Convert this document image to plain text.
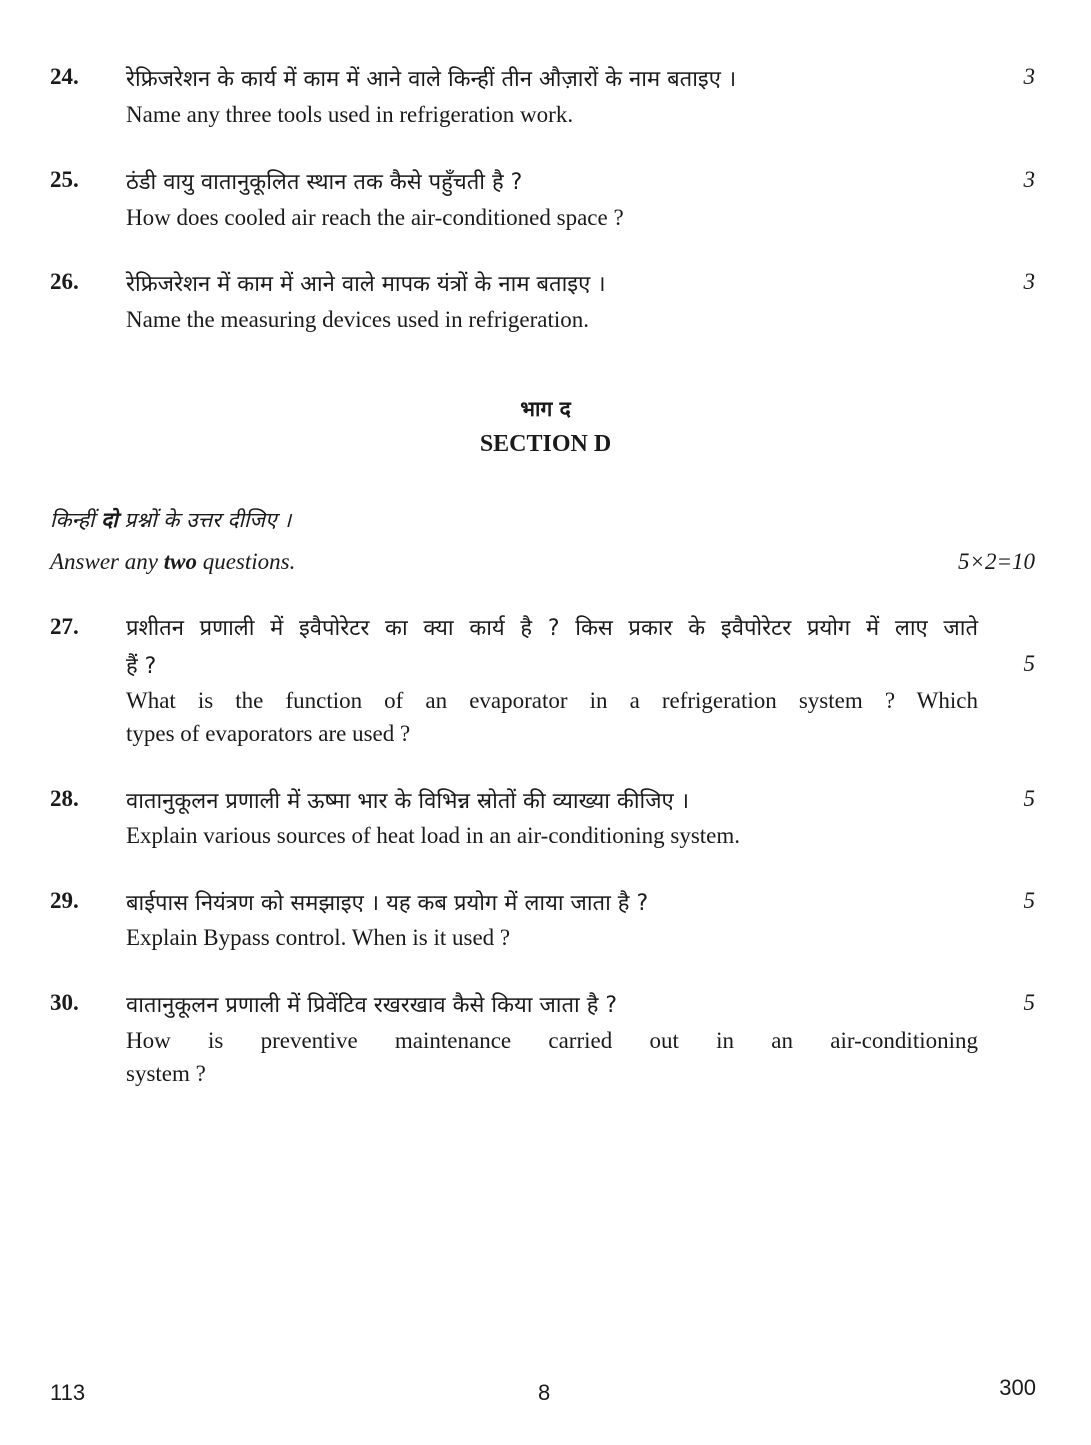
24. रेफ्रिजरेशन के कार्य में काम में आने वाले किन्हीं तीन औज़ारों के नाम बताइए ।	3
Name any three tools used in refrigeration work.
25. ठंडी वायु वातानुकूलित स्थान तक कैसे पहुँचती है ?	3
How does cooled air reach the air-conditioned space ?
26. रेफ्रिजरेशन में काम में आने वाले मापक यंत्रों के नाम बताइए ।	3
Name the measuring devices used in refrigeration.
भाग द
SECTION D
किन्हीं दो प्रश्नों के उत्तर दीजिए ।
Answer any two questions.	5×2=10
27. प्रशीतन प्रणाली में इवैपोरेटर का क्या कार्य है ? किस प्रकार के इवैपोरेटर प्रयोग में लाए जाते
हैं ?	5
What is the function of an evaporator in a refrigeration system ? Which
types of evaporators are used ?
28. वातानुकूलन प्रणाली में ऊष्मा भार के विभिन्न स्रोतों की व्याख्या कीजिए ।	5
Explain various sources of heat load in an air-conditioning system.
29. बाईपास नियंत्रण को समझाइए । यह कब प्रयोग में लाया जाता है ?	5
Explain Bypass control. When is it used ?
30. वातानुकूलन प्रणाली में प्रिवेंटिव रखरखाव कैसे किया जाता है ?	5
How is preventive maintenance carried out in an air-conditioning
system ?
113	8	300
